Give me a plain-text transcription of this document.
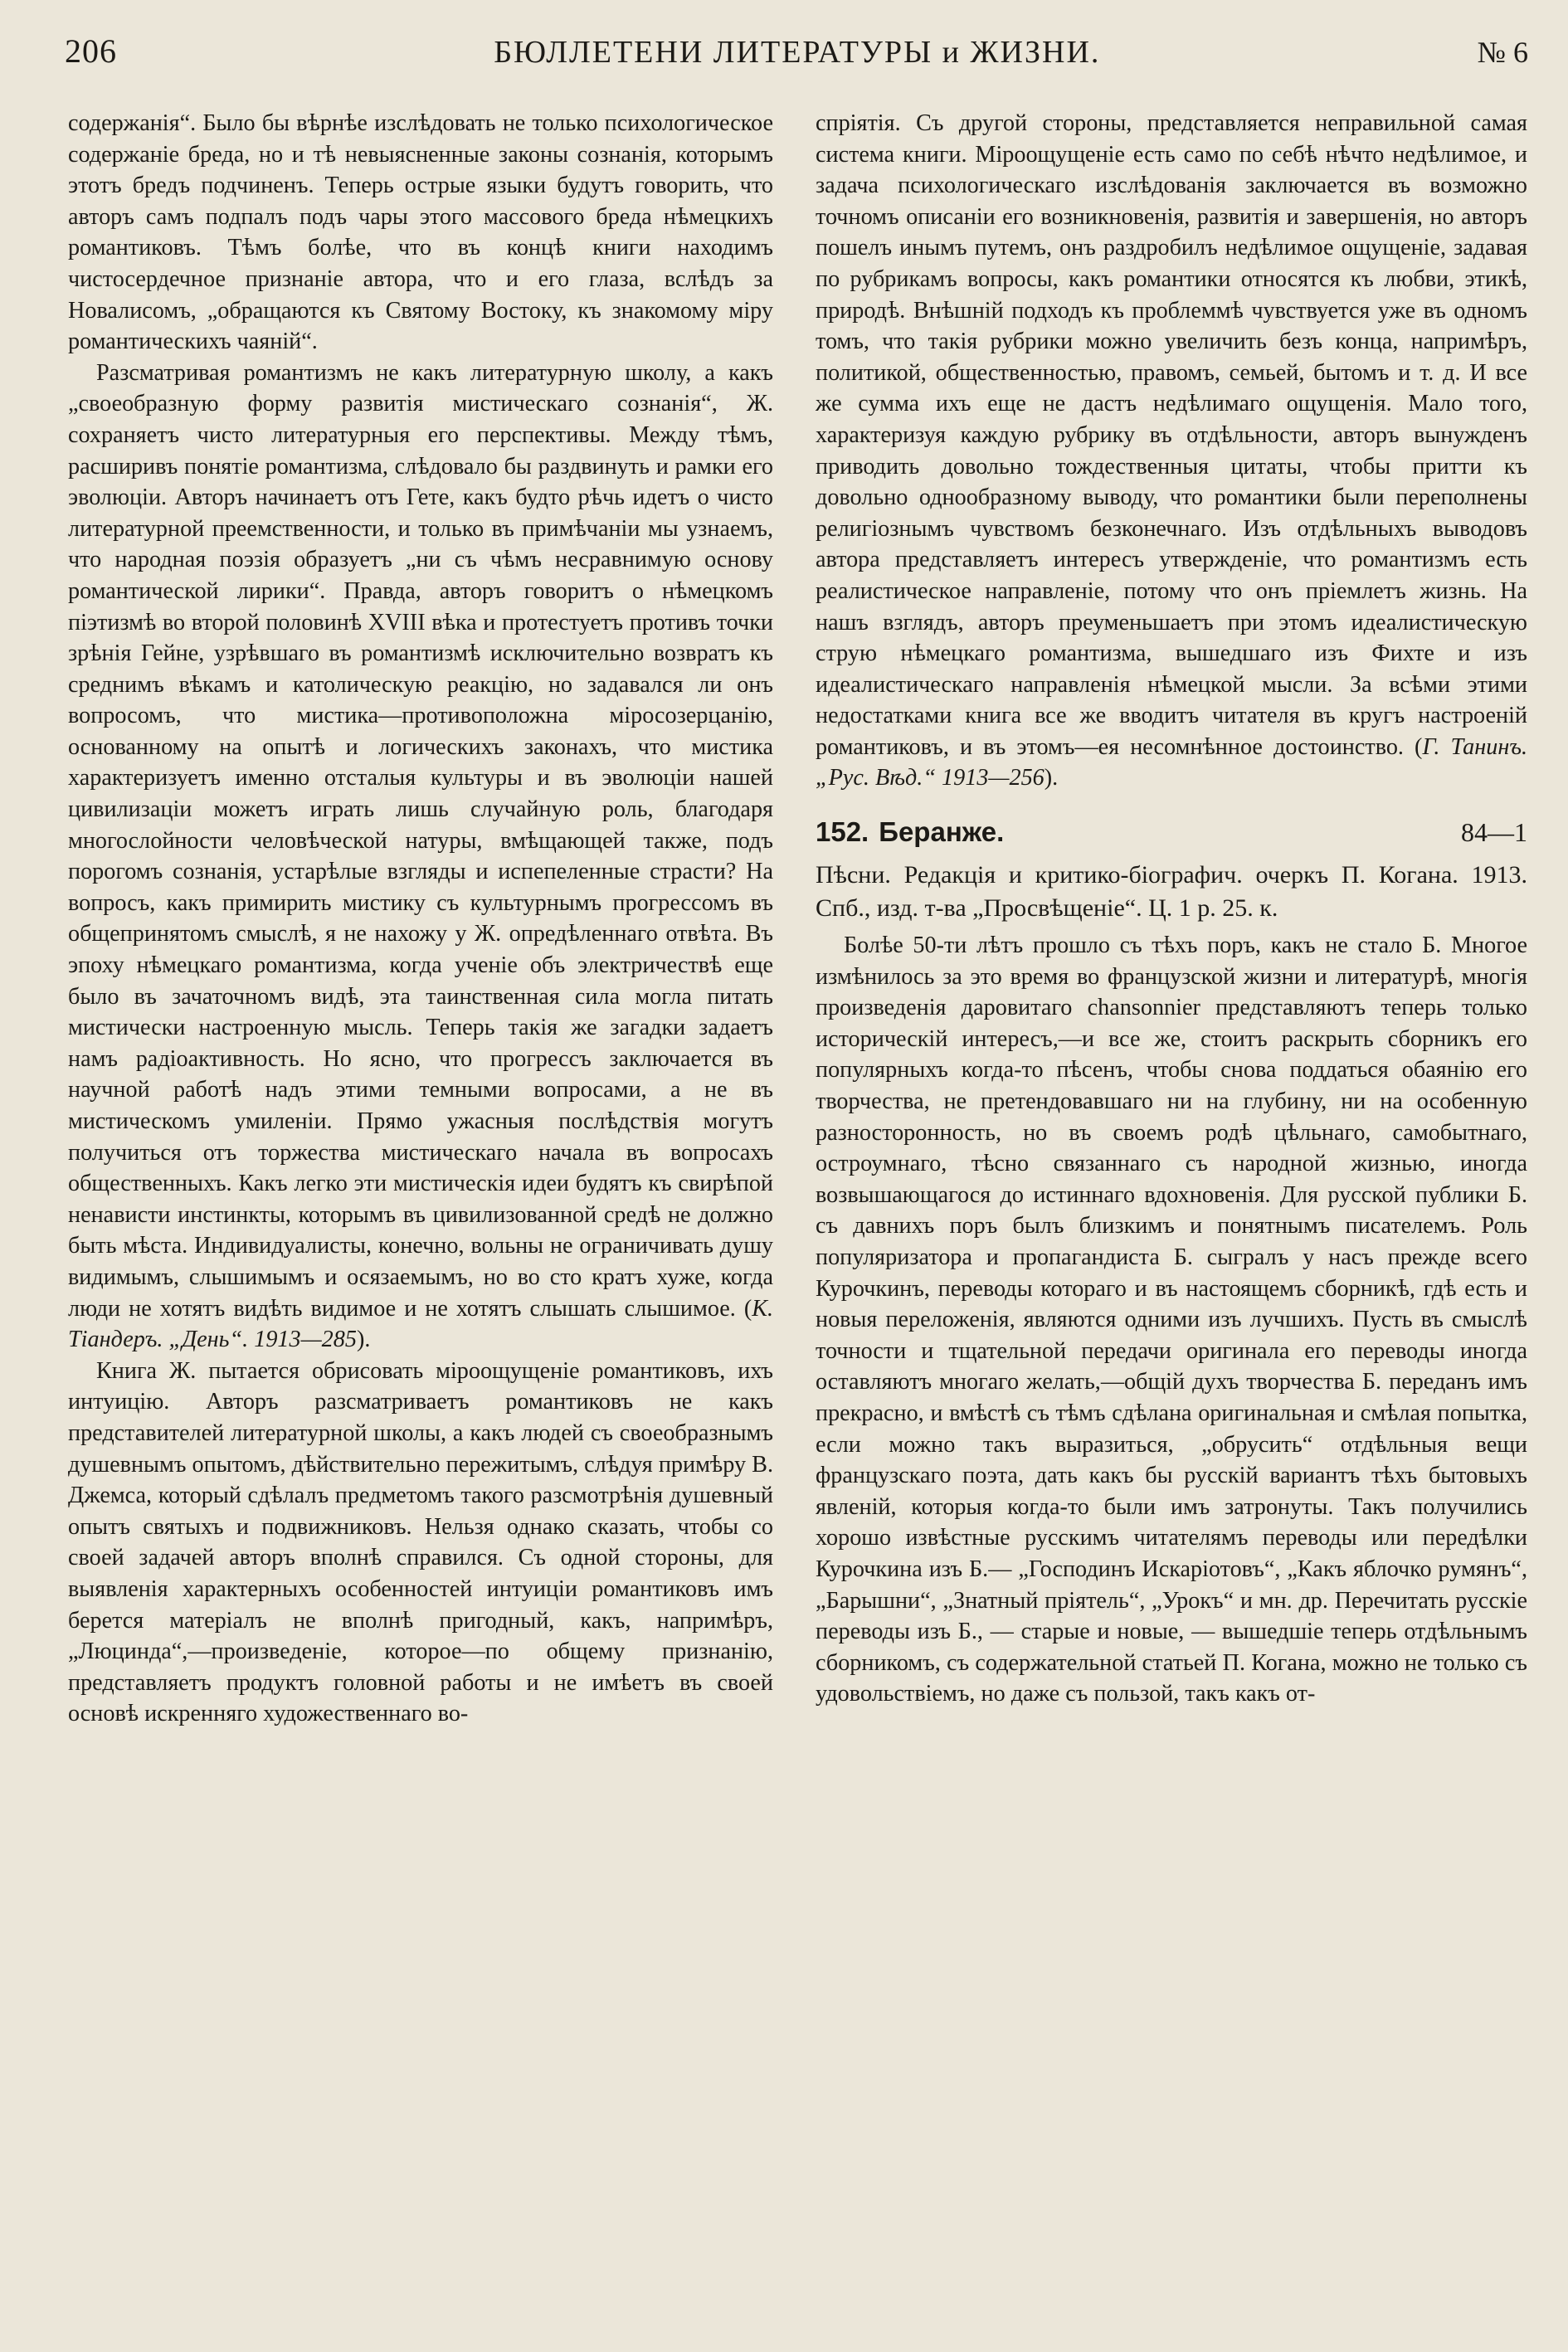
206	БЮЛЛЕТЕНИ ЛИТЕРАТУРЫ и ЖИЗНИ.	№ 6

содержанія“. Было бы вѣрнѣе изслѣдовать не только психологическое содержаніе бреда, но и тѣ невыясненные законы сознанія, которымъ этотъ бредъ подчиненъ. Теперь острые языки будутъ говорить, что авторъ самъ подпалъ подъ чары этого массового бреда нѣмецкихъ романтиковъ. Тѣмъ болѣе, что въ концѣ книги находимъ чистосердечное признаніе автора, что и его глаза, вслѣдъ за Новалисомъ, „обращаются къ Святому Востоку, къ знакомому міру романтическихъ чаяній“.

Разсматривая романтизмъ не какъ литературную школу, а какъ „своеобразную форму развитія мистическаго сознанія“, Ж. сохраняетъ чисто литературныя его перспективы. Между тѣмъ, расширивъ понятіе романтизма, слѣдовало бы раздвинуть и рамки его эволюціи. Авторъ начинаетъ отъ Гете, какъ будто рѣчь идетъ о чисто литературной преемственности, и только въ примѣчаніи мы узнаемъ, что народная поэзія образуетъ „ни съ чѣмъ несравнимую основу романтической лирики“. Правда, авторъ говоритъ о нѣмецкомъ піэтизмѣ во второй половинѣ XVIII вѣка и протестуетъ противъ точки зрѣнія Гейне, узрѣвшаго въ романтизмѣ исключительно возвратъ къ среднимъ вѣкамъ и католическую реакцію, но задавался ли онъ вопросомъ, что мистика—противоположна міросозерцанію, основанному на опытѣ и логическихъ законахъ, что мистика характеризуетъ именно отсталыя культуры и въ эволюціи нашей цивилизаціи можетъ играть лишь случайную роль, благодаря многослойности человѣческой натуры, вмѣщающей также, подъ порогомъ сознанія, устарѣлые взгляды и испепеленные страсти? На вопросъ, какъ примирить мистику съ культурнымъ прогрессомъ въ общепринятомъ смыслѣ, я не нахожу у Ж. опредѣленнаго отвѣта. Въ эпоху нѣмецкаго романтизма, когда ученіе объ электричествѣ еще было въ зачаточномъ видѣ, эта таинственная сила могла питать мистически настроенную мысль. Теперь такія же загадки задаетъ намъ радіоактивность. Но ясно, что прогрессъ заключается въ научной работѣ надъ этими темными вопросами, а не въ мистическомъ умиленіи. Прямо ужасныя послѣдствія могутъ получиться отъ торжества мистическаго начала въ вопросахъ общественныхъ. Какъ легко эти мистическія идеи будятъ къ свирѣпой ненависти инстинкты, которымъ въ цивилизованной средѣ не должно быть мѣста. Индивидуалисты, конечно, вольны не ограничивать душу видимымъ, слышимымъ и осязаемымъ, но во сто кратъ хуже, когда люди не хотятъ видѣть видимое и не хотятъ слышать слышимое. (К. Тіандеръ. „День“. 1913—285).

Книга Ж. пытается обрисовать міроощущеніе романтиковъ, ихъ интуицію. Авторъ разсматриваетъ романтиковъ не какъ представителей литературной школы, а какъ людей съ своеобразнымъ душевнымъ опытомъ, дѣйствительно пережитымъ, слѣдуя примѣру В. Джемса, который сдѣлалъ предметомъ такого разсмотрѣнія душевный опытъ святыхъ и подвижниковъ. Нельзя однако сказать, чтобы со своей задачей авторъ вполнѣ справился. Съ одной стороны, для выявленія характерныхъ особенностей интуиціи романтиковъ имъ берется матеріалъ не вполнѣ пригодный, какъ, напримѣръ, „Люцинда“,—произведеніе, которое—по общему признанію, представляетъ продуктъ головной работы и не имѣетъ въ своей основѣ искренняго художественнаго во-

спріятія. Съ другой стороны, представляется неправильной самая система книги. Міроощущеніе есть само по себѣ нѣчто недѣлимое, и задача психологическаго изслѣдованія заключается въ возможно точномъ описаніи его возникновенія, развитія и завершенія, но авторъ пошелъ инымъ путемъ, онъ раздробилъ недѣлимое ощущеніе, задавая по рубрикамъ вопросы, какъ романтики относятся къ любви, этикѣ, природѣ. Внѣшній подходъ къ проблеммѣ чувствуется уже въ одномъ томъ, что такія рубрики можно увеличить безъ конца, напримѣръ, политикой, общественностью, правомъ, семьей, бытомъ и т. д. И все же сумма ихъ еще не дастъ недѣлимаго ощущенія. Мало того, характеризуя каждую рубрику въ отдѣльности, авторъ вынужденъ приводить довольно тождественныя цитаты, чтобы притти къ довольно однообразному выводу, что романтики были переполнены религіознымъ чувствомъ безконечнаго. Изъ отдѣльныхъ выводовъ автора представляетъ интересъ утвержденіе, что романтизмъ есть реалистическое направленіе, потому что онъ пріемлетъ жизнь. На нашъ взглядъ, авторъ преуменьшаетъ при этомъ идеалистическую струю нѣмецкаго романтизма, вышедшаго изъ Фихте и изъ идеалистическаго направленія нѣмецкой мысли. За всѣми этими недостатками книга все же вводитъ читателя въ кругъ настроеній романтиковъ, и въ этомъ—ея несомнѣнное достоинство. (Г. Танинъ. „Рус. Вѣд.“ 1913—256).

152. Беранже.	84—1

Пѣсни. Редакція и критико-біографич. очеркъ П. Когана. 1913. Спб., изд. т-ва „Просвѣщеніе“. Ц. 1 р. 25. к.

Болѣе 50-ти лѣтъ прошло съ тѣхъ поръ, какъ не стало Б. Многое измѣнилось за это время во французской жизни и литературѣ, многія произведенія даровитаго chansonnier представляютъ теперь только историческій интересъ,—и все же, стоитъ раскрыть сборникъ его популярныхъ когда-то пѣсенъ, чтобы снова поддаться обаянію его творчества, не претендовавшаго ни на глубину, ни на особенную разносторонность, но въ своемъ родѣ цѣльнаго, самобытнаго, остроумнаго, тѣсно связаннаго съ народной жизнью, иногда возвышающагося до истиннаго вдохновенія. Для русской публики Б. съ давнихъ поръ былъ близкимъ и понятнымъ писателемъ. Роль популяризатора и пропагандиста Б. сыгралъ у насъ прежде всего Курочкинъ, переводы котораго и въ настоящемъ сборникѣ, гдѣ есть и новыя переложенія, являются одними изъ лучшихъ. Пусть въ смыслѣ точности и тщательной передачи оригинала его переводы иногда оставляютъ многаго желать,—общій духъ творчества Б. переданъ имъ прекрасно, и вмѣстѣ съ тѣмъ сдѣлана оригинальная и смѣлая попытка, если можно такъ выразиться, „обрусить“ отдѣльныя вещи французскаго поэта, дать какъ бы русскій вариантъ тѣхъ бытовыхъ явленій, которыя когда-то были имъ затронуты. Такъ получились хорошо извѣстные русскимъ читателямъ переводы или передѣлки Курочкина изъ Б.— „Господинъ Искаріотовъ“, „Какъ яблочко румянъ“, „Барышни“, „Знатный пріятель“, „Урокъ“ и мн. др. Перечитать русскіе переводы изъ Б., — старые и новые, — вышедшіе теперь отдѣльнымъ сборникомъ, съ содержательной статьей П. Когана, можно не только съ удовольствіемъ, но даже съ пользой, такъ какъ от-
